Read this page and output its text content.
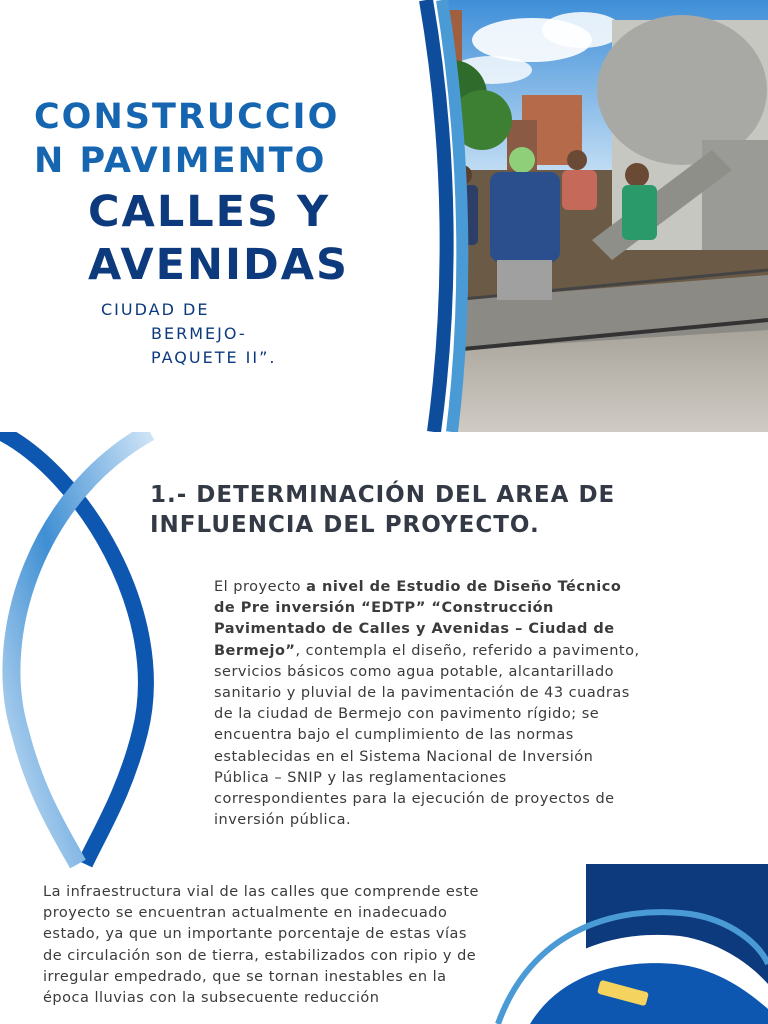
CONSTRUCCION PAVIMENTO
CALLES Y AVENIDAS
CIUDAD DE
BERMEJO-
PAQUETE II”.
1.- DETERMINACIÓN DEL AREA DE INFLUENCIA DEL PROYECTO.
El proyecto a nivel de Estudio de Diseño Técnico de Pre inversión “EDTP” “Construcción Pavimentado de Calles y Avenidas – Ciudad de Bermejo”, contempla el diseño, referido a pavimento, servicios básicos como agua potable, alcantarillado sanitario y pluvial de la pavimentación de 43 cuadras de la ciudad de Bermejo con pavimento rígido; se encuentra bajo el cumplimiento de las normas establecidas en el Sistema Nacional de Inversión Pública – SNIP y las reglamentaciones correspondientes para la ejecución de proyectos de inversión pública.
La infraestructura vial de las calles que comprende este proyecto se encuentran actualmente en inadecuado estado, ya que un importante porcentaje de estas vías de circulación son de tierra, estabilizados con ripio y de irregular empedrado, que se tornan inestables en la época lluvias con la subsecuente reducción
